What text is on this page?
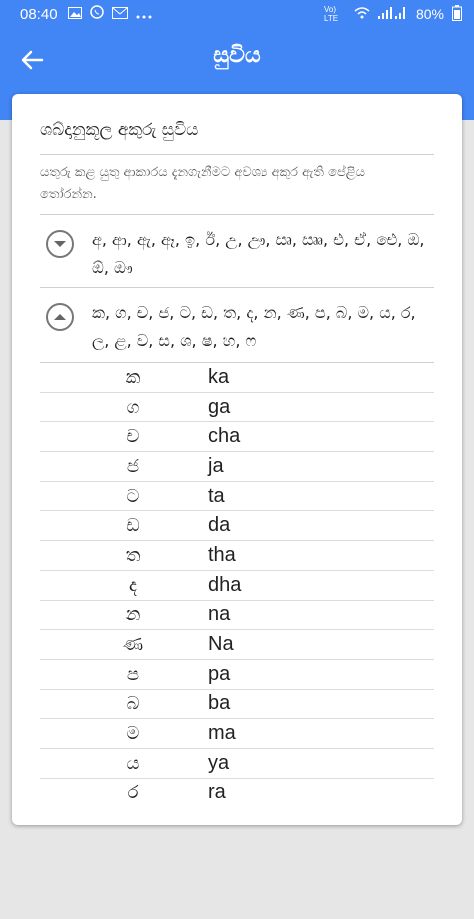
08:40	Vo) LTE	80%
සුවිය
ශබ්දානුකූල අකුරු සුවිය
යතුරු කළ යුතු ආකාරය දැනගැනීමට අවශ්‍ය අකුර ඇති පේළිය තෝරන්න.
අ, ආ, ඇ, ඈ, ඉ, ඊ, උ, ඌ, ඍ, ඎ, එ, ඒ, ඓ, ඔ, ඕ, ඖ
ක, ග, ච, ජ, ට, ඩ, ත, ද, න, ණ, ප, බ, ම, ය, ර, ල, ළ, ව, ස, ශ, ෂ, හ, ෆ
ක	ka
ග	ga
ච	cha
ජ	ja
ට	ta
ඩ	da
ත	tha
ද	dha
න	na
ණ	Na
ප	pa
බ	ba
ම	ma
ය	ya
ර	ra
